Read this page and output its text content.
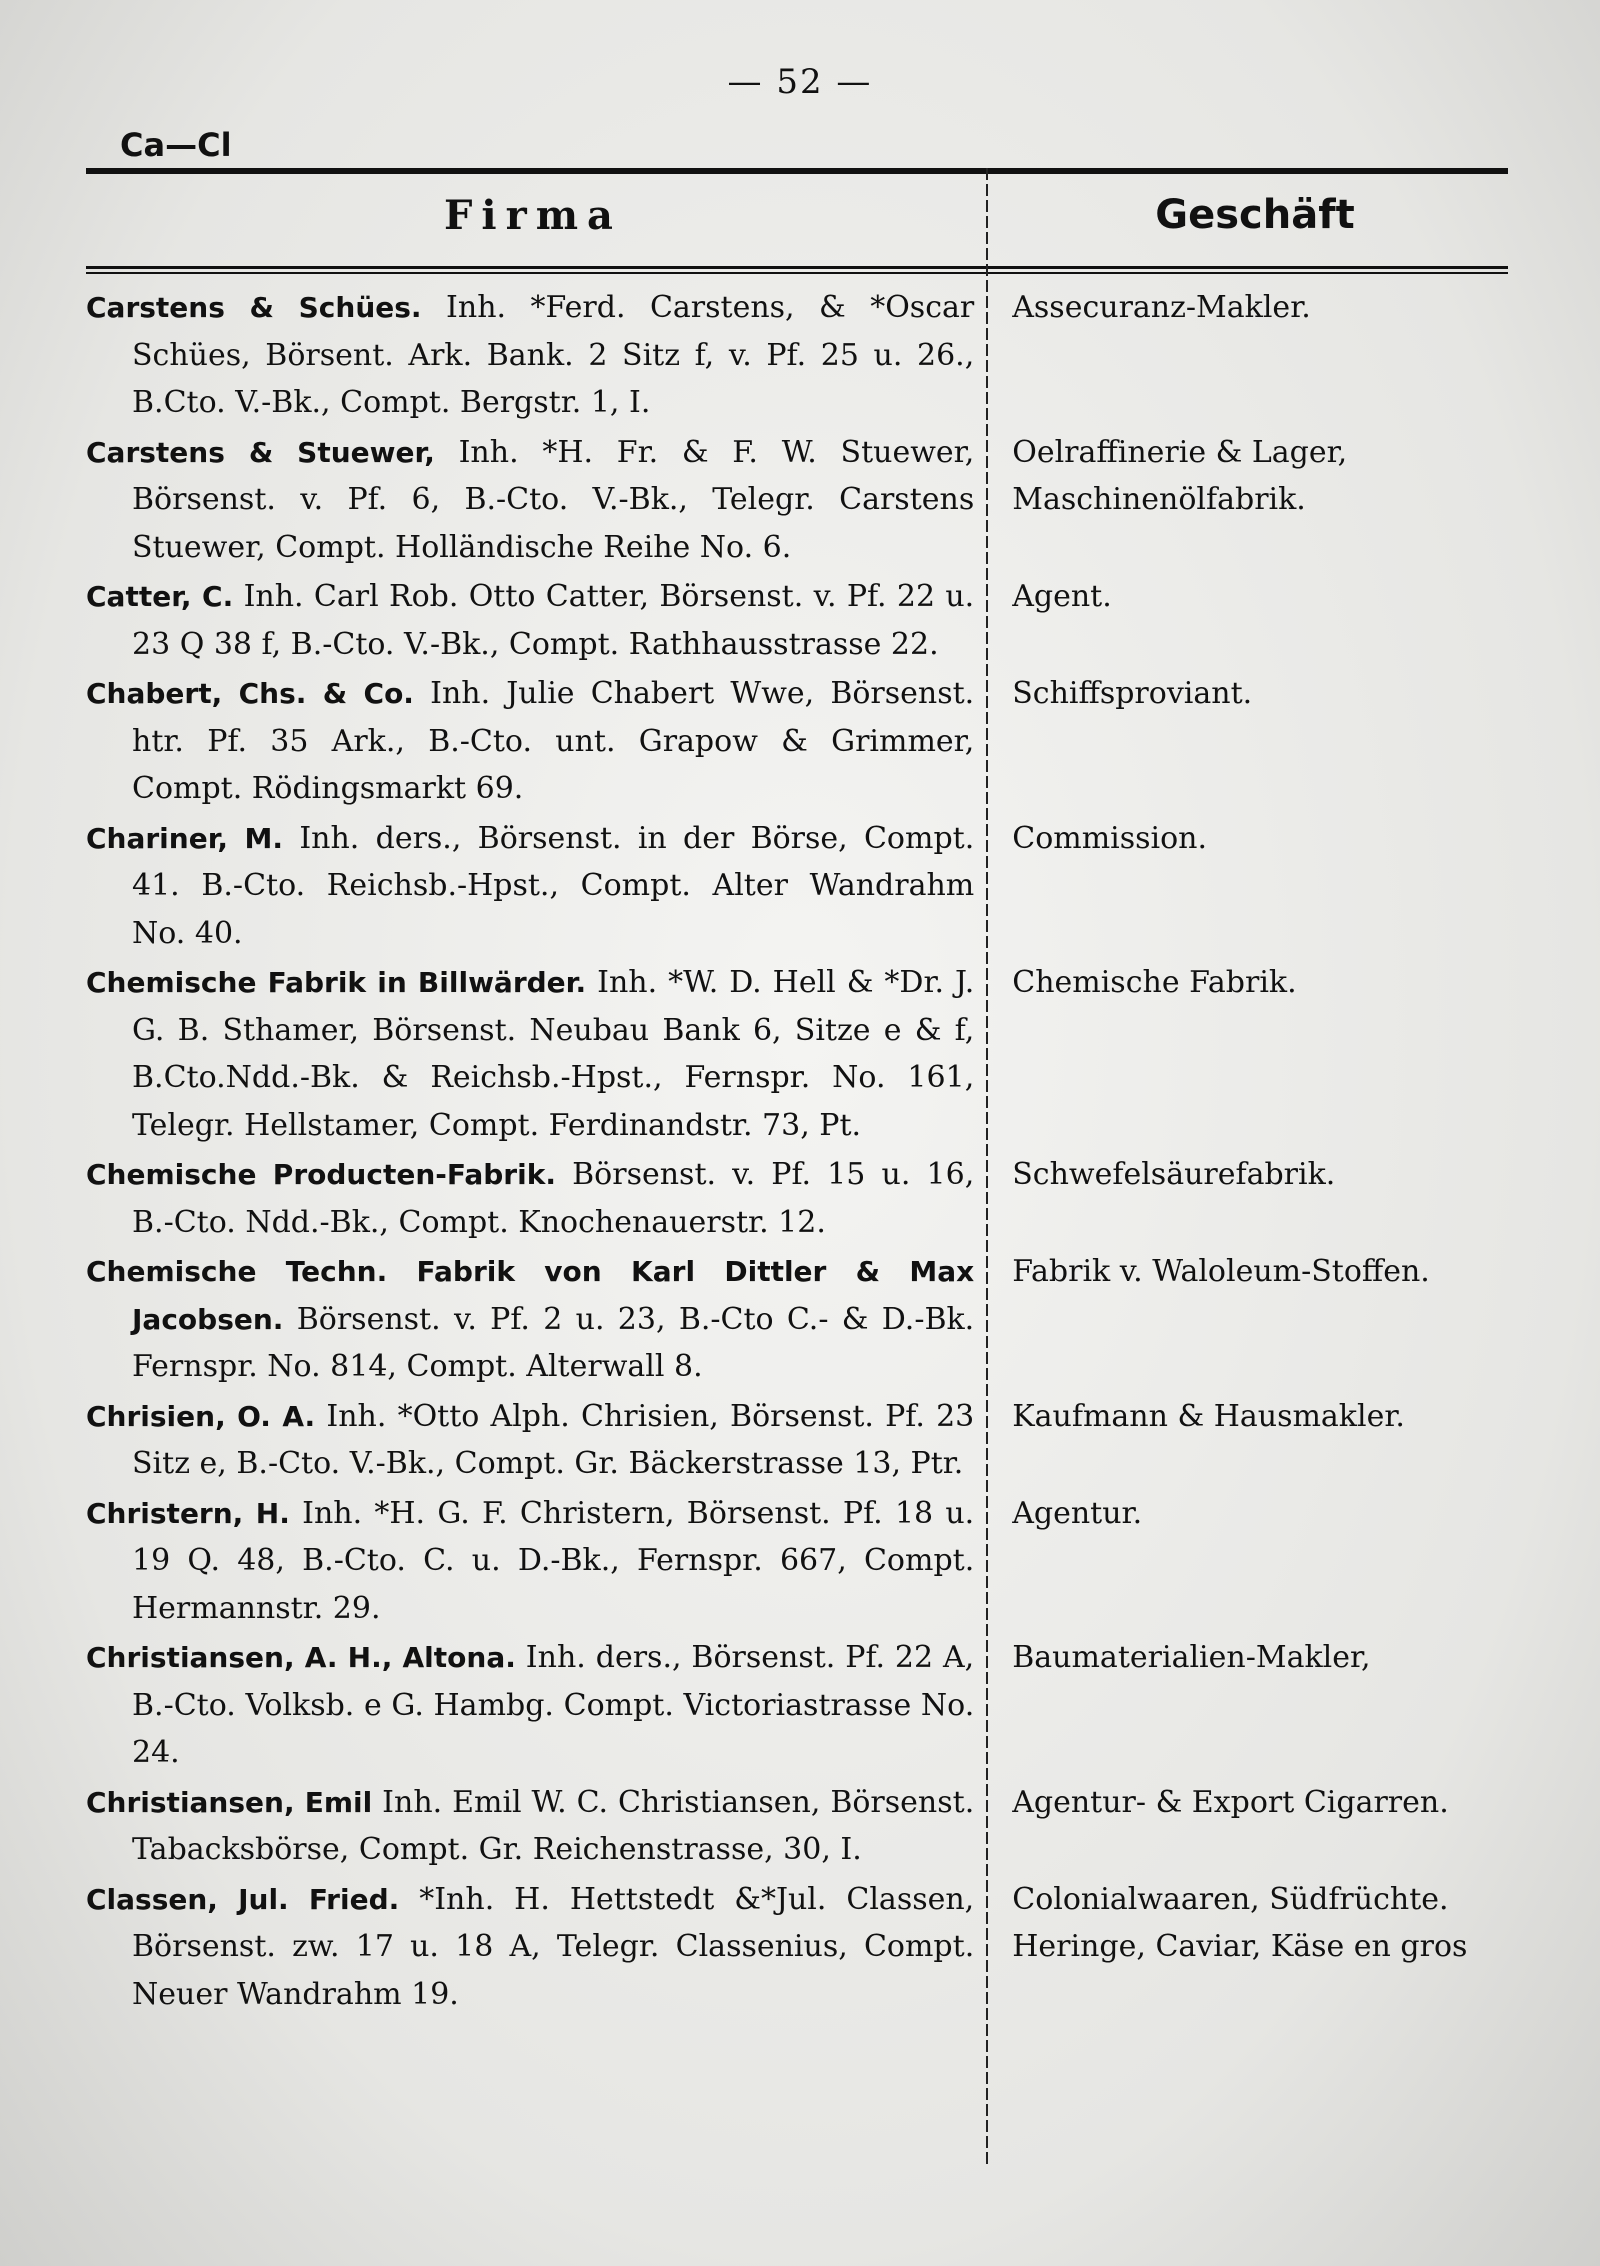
— 52 —
Ca—Cl
Firma	Geschäft
Carstens & Schües. Inh. *Ferd. Carstens, & *Oscar Schües, Börsent. Ark. Bank. 2 Sitz f, v. Pf. 25 u. 26., B.Cto. V.-Bk., Compt. Bergstr. 1, I.
Assecuranz-Makler.
Carstens & Stuewer, Inh. *H. Fr. & F. W. Stuewer, Börsenst. v. Pf. 6, B.-Cto. V.-Bk., Telegr. Carstens Stuewer, Compt. Holländische Reihe No. 6.
Oelraffinerie & Lager,
Maschinenölfabrik.
Catter, C. Inh. Carl Rob. Otto Catter, Börsenst. v. Pf. 22 u. 23 Q 38 f, B.-Cto. V.-Bk., Compt. Rathhausstrasse 22.
Agent.
Chabert, Chs. & Co. Inh. Julie Chabert Wwe, Börsenst. htr. Pf. 35 Ark., B.-Cto. unt. Grapow & Grimmer, Compt. Rödingsmarkt 69.
Schiffsproviant.
Chariner, M. Inh. ders., Börsenst. in der Börse, Compt. 41. B.-Cto. Reichsb.-Hpst., Compt. Alter Wandrahm No. 40.
Commission.
Chemische Fabrik in Billwärder. Inh. *W. D. Hell & *Dr. J. G. B. Sthamer, Börsenst. Neubau Bank 6, Sitze e & f, B.Cto.Ndd.-Bk. & Reichsb.-Hpst., Fernspr. No. 161, Telegr. Hellstamer, Compt. Ferdinandstr. 73, Pt.
Chemische Fabrik.
Chemische Producten-Fabrik. Börsenst. v. Pf. 15 u. 16, B.-Cto. Ndd.-Bk., Compt. Knochenauerstr. 12.
Schwefelsäurefabrik.
Chemische Techn. Fabrik von Karl Dittler & Max Jacobsen. Börsenst. v. Pf. 2 u. 23, B.-Cto C.- & D.-Bk. Fernspr. No. 814, Compt. Alterwall 8.
Fabrik v. Waloleum-Stoffen.
Chrisien, O. A. Inh. *Otto Alph. Chrisien, Börsenst. Pf. 23 Sitz e, B.-Cto. V.-Bk., Compt. Gr. Bäckerstrasse 13, Ptr.
Kaufmann & Hausmakler.
Christern, H. Inh. *H. G. F. Christern, Börsenst. Pf. 18 u. 19 Q. 48, B.-Cto. C. u. D.-Bk., Fernspr. 667, Compt. Hermannstr. 29.
Agentur.
Christiansen, A. H., Altona. Inh. ders., Börsenst. Pf. 22 A, B.-Cto. Volksb. e G. Hambg. Compt. Victoriastrasse No. 24.
Baumaterialien-Makler,
Christiansen, Emil Inh. Emil W. C. Christiansen, Börsenst. Tabacksbörse, Compt. Gr. Reichenstrasse, 30, I.
Agentur- & Export Cigarren.
Classen, Jul. Fried. *Inh. H. Hettstedt &*Jul. Classen, Börsenst. zw. 17 u. 18 A, Telegr. Classenius, Compt. Neuer Wandrahm 19.
Colonialwaaren, Südfrüchte.
Heringe, Caviar, Käse en gros
